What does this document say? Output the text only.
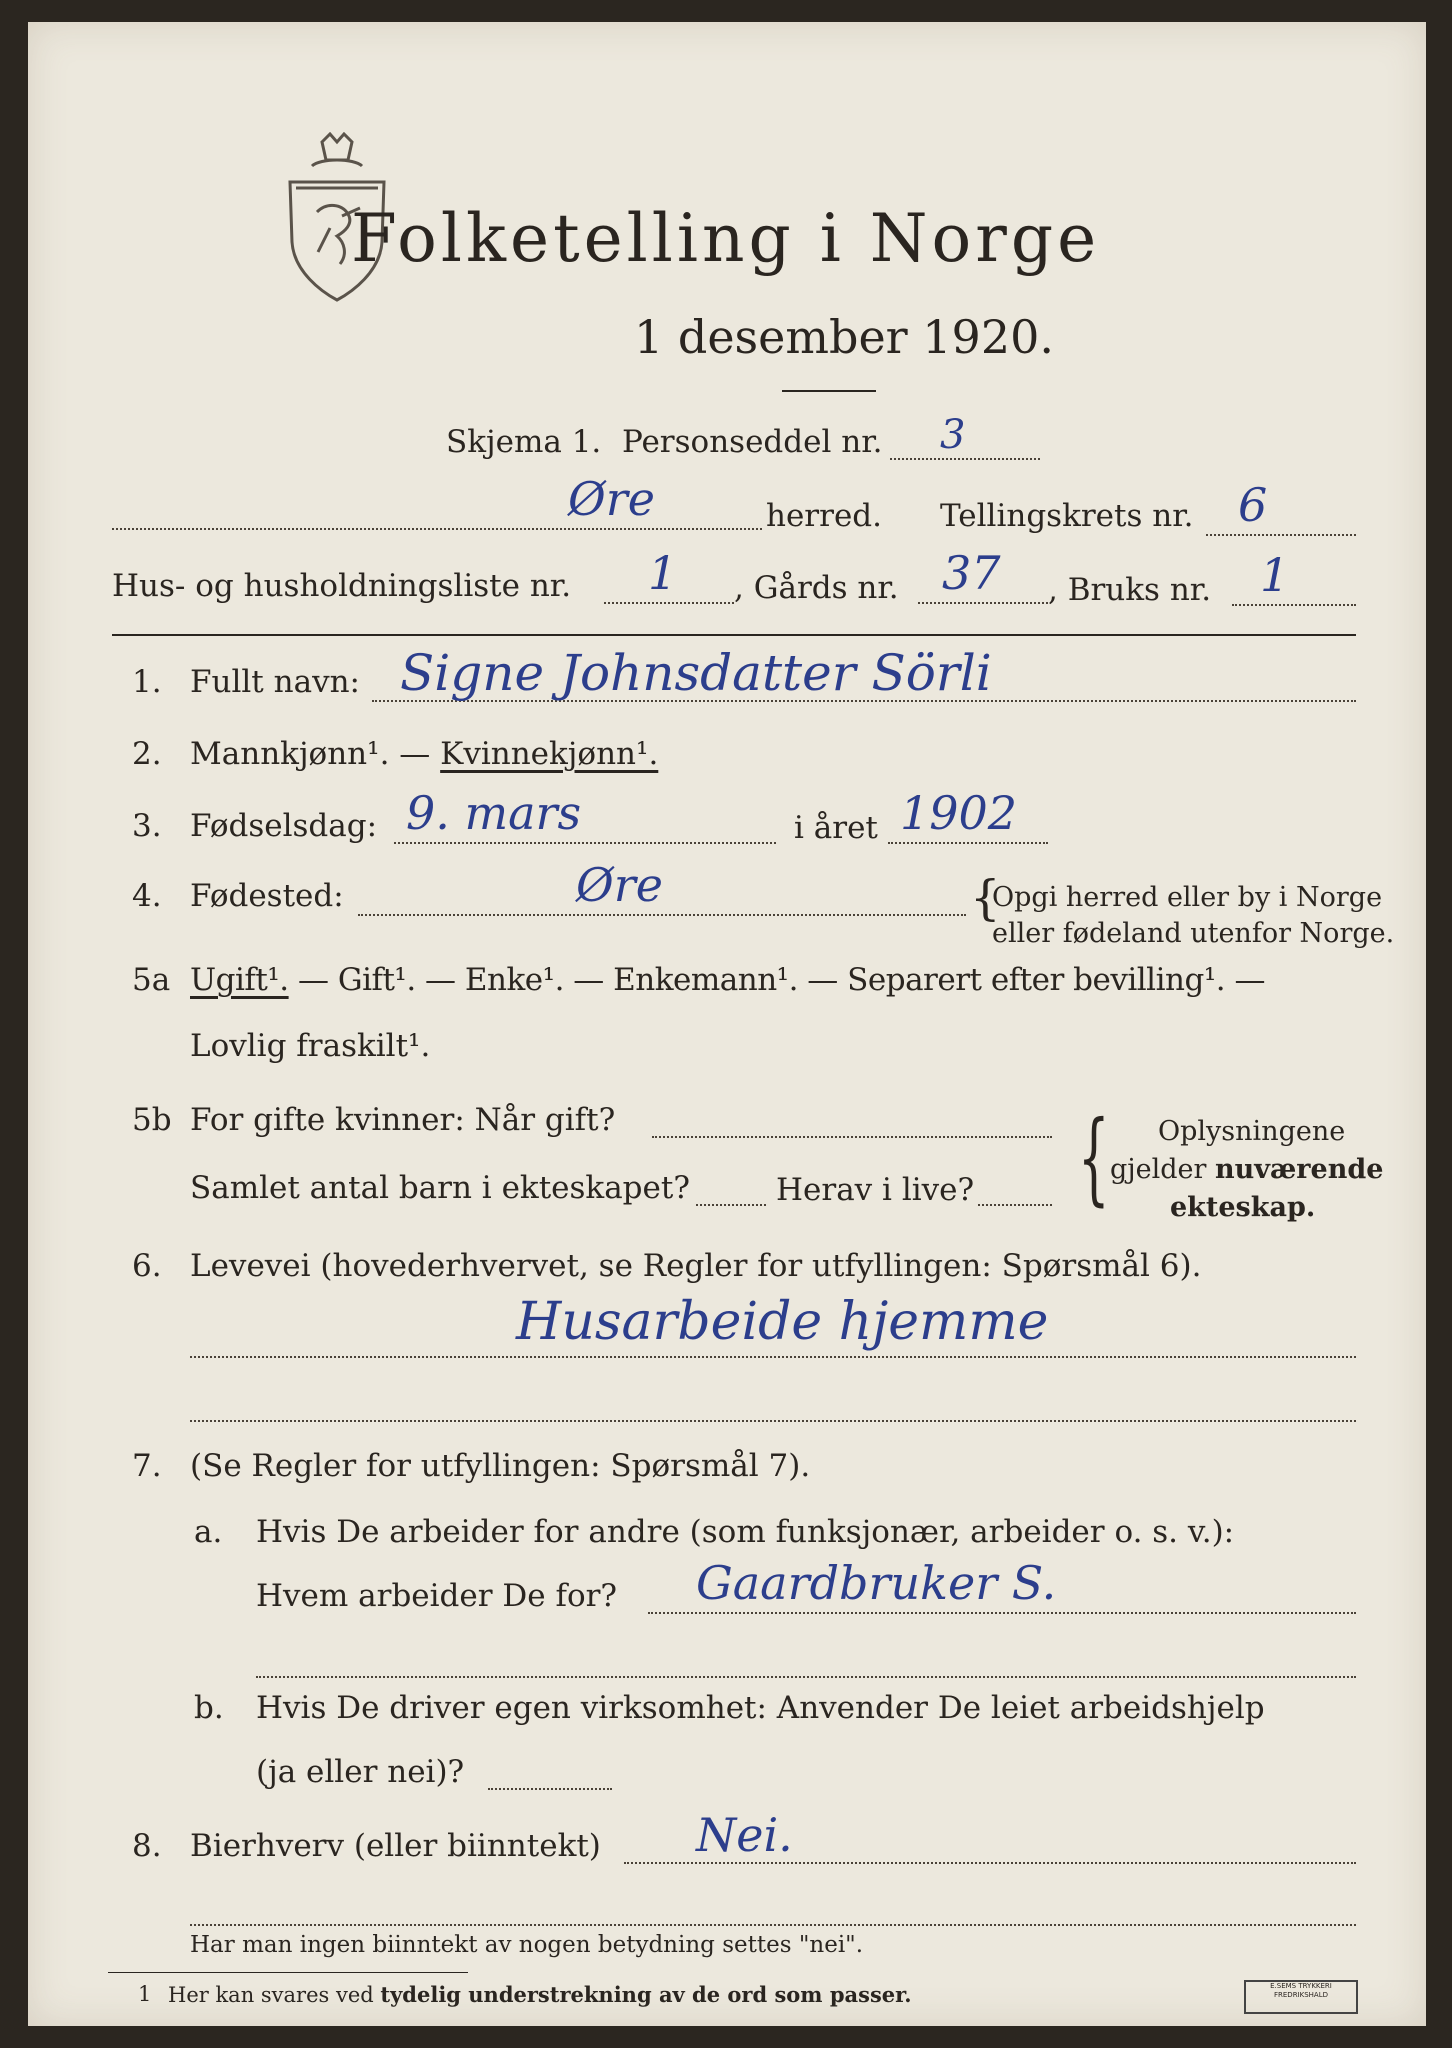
Folketelling i Norge
1 desember 1920.
Skjema 1. Personseddel nr. 3
Øre	herred. Tellingskrets nr. 6
Hus- og husholdningsliste nr. 1 , Gårds nr. 37 , Bruks nr. 1
1. Fullt navn: Signe Johnsdatter Sörli
2. Mannkjønn¹. — Kvinnekjønn¹.
3. Fødselsdag: 9. mars	i året 1902
4. Fødested:	Øre	{
Opgi herred eller by i Norge
eller fødeland utenfor Norge.
5a Ugift¹. — Gift¹. — Enke¹. — Enkemann¹. — Separert efter bevilling¹. —
Lovlig fraskilt¹.
5b For gifte kvinner: Når gift?
Samlet antal barn i ekteskapet?	Herav i live? { Oplysningene
gjelder nuværende
ekteskap.
6. Levevei (hovederhvervet, se Regler for utfyllingen: Spørsmål 6).
Husarbeide hjemme
7. (Se Regler for utfyllingen: Spørsmål 7).
a. Hvis De arbeider for andre (som funksjonær, arbeider o. s. v.):
Hvem arbeider De for? Gaardbruker S.
b. Hvis De driver egen virksomhet: Anvender De leiet arbeidshjelp
(ja eller nei)?
8. Bierhverv (eller biinntekt) Nei.
Har man ingen biinntekt av nogen betydning settes "nei".
1 Her kan svares ved tydelig understrekning av de ord som passer.	E.SEMS TRYKKERI FREDRIKSHALD
